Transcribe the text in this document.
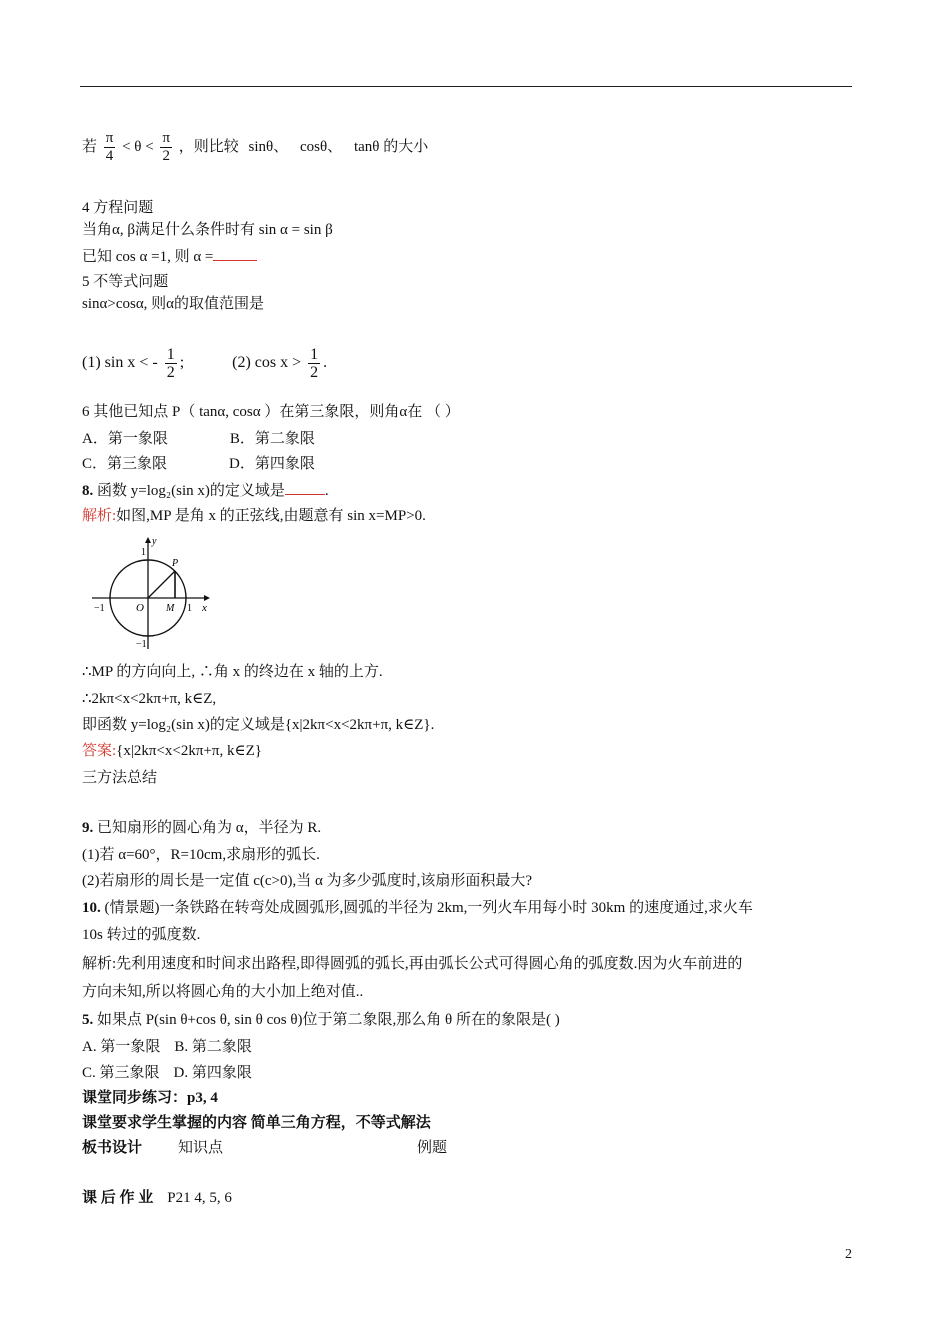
若 $\frac{\pi}{4} < \theta < \frac{\pi}{2}$ ，则比较 sinθ、 cosθ、 tanθ 的大小
4 方程问题
当角α, β满足什么条件时有 sin α = sin β
已知 cos α =1, 则 α =
5 不等式问题
sinα>cosα, 则α的取值范围是
(1) sin x < - $\frac{1}{2}$ ;	(2) $\cos x > \frac{1}{2}$ .
6 其他已知点 P（ tanα, cosα ）在第三象限，则角α在 （ ）
A．第一象限	B．第二象限
C．第三象限	D．第四象限
8. 函数 y=log₂(sin x)的定义域是	.
解析:如图,MP 是角 x 的正弦线,由题意有 sin x=MP>0.
y
x
P
O M
1
−1	1
−1
∴MP 的方向向上, ∴角 x 的终边在 x 轴的上方.
∴2kπ<x<2kπ+π, k∈Z,
即函数 y=log₂(sin x)的定义域是{x|2kπ<x<2kπ+π, k∈Z}.
答案:{x|2kπ<x<2kπ+π, k∈Z}
三方法总结
9. 已知扇形的圆心角为 α，半径为 R.
(1)若 α=60°，R=10cm,求扇形的弧长.
(2)若扇形的周长是一定值 c(c>0),当 α 为多少弧度时,该扇形面积最大?
10. (情景题)一条铁路在转弯处成圆弧形,圆弧的半径为 2km,一列火车用每小时 30km 的速度通过,求火车
10s 转过的弧度数.
解析:先利用速度和时间求出路程,即得圆弧的弧长,再由弧长公式可得圆心角的弧度数.因为火车前进的
方向未知,所以将圆心角的大小加上绝对值..
5. 如果点 P(sin θ+cos θ, sin θ cos θ)位于第二象限,那么角 θ 所在的象限是( )
A. 第一象限 B. 第二象限
C. 第三象限 D. 第四象限
课堂同步练习：p3, 4
课堂要求学生掌握的内容 简单三角方程，不等式解法
板书设计 知识点	例题
课 后 作 业 P21 4, 5, 6
2
